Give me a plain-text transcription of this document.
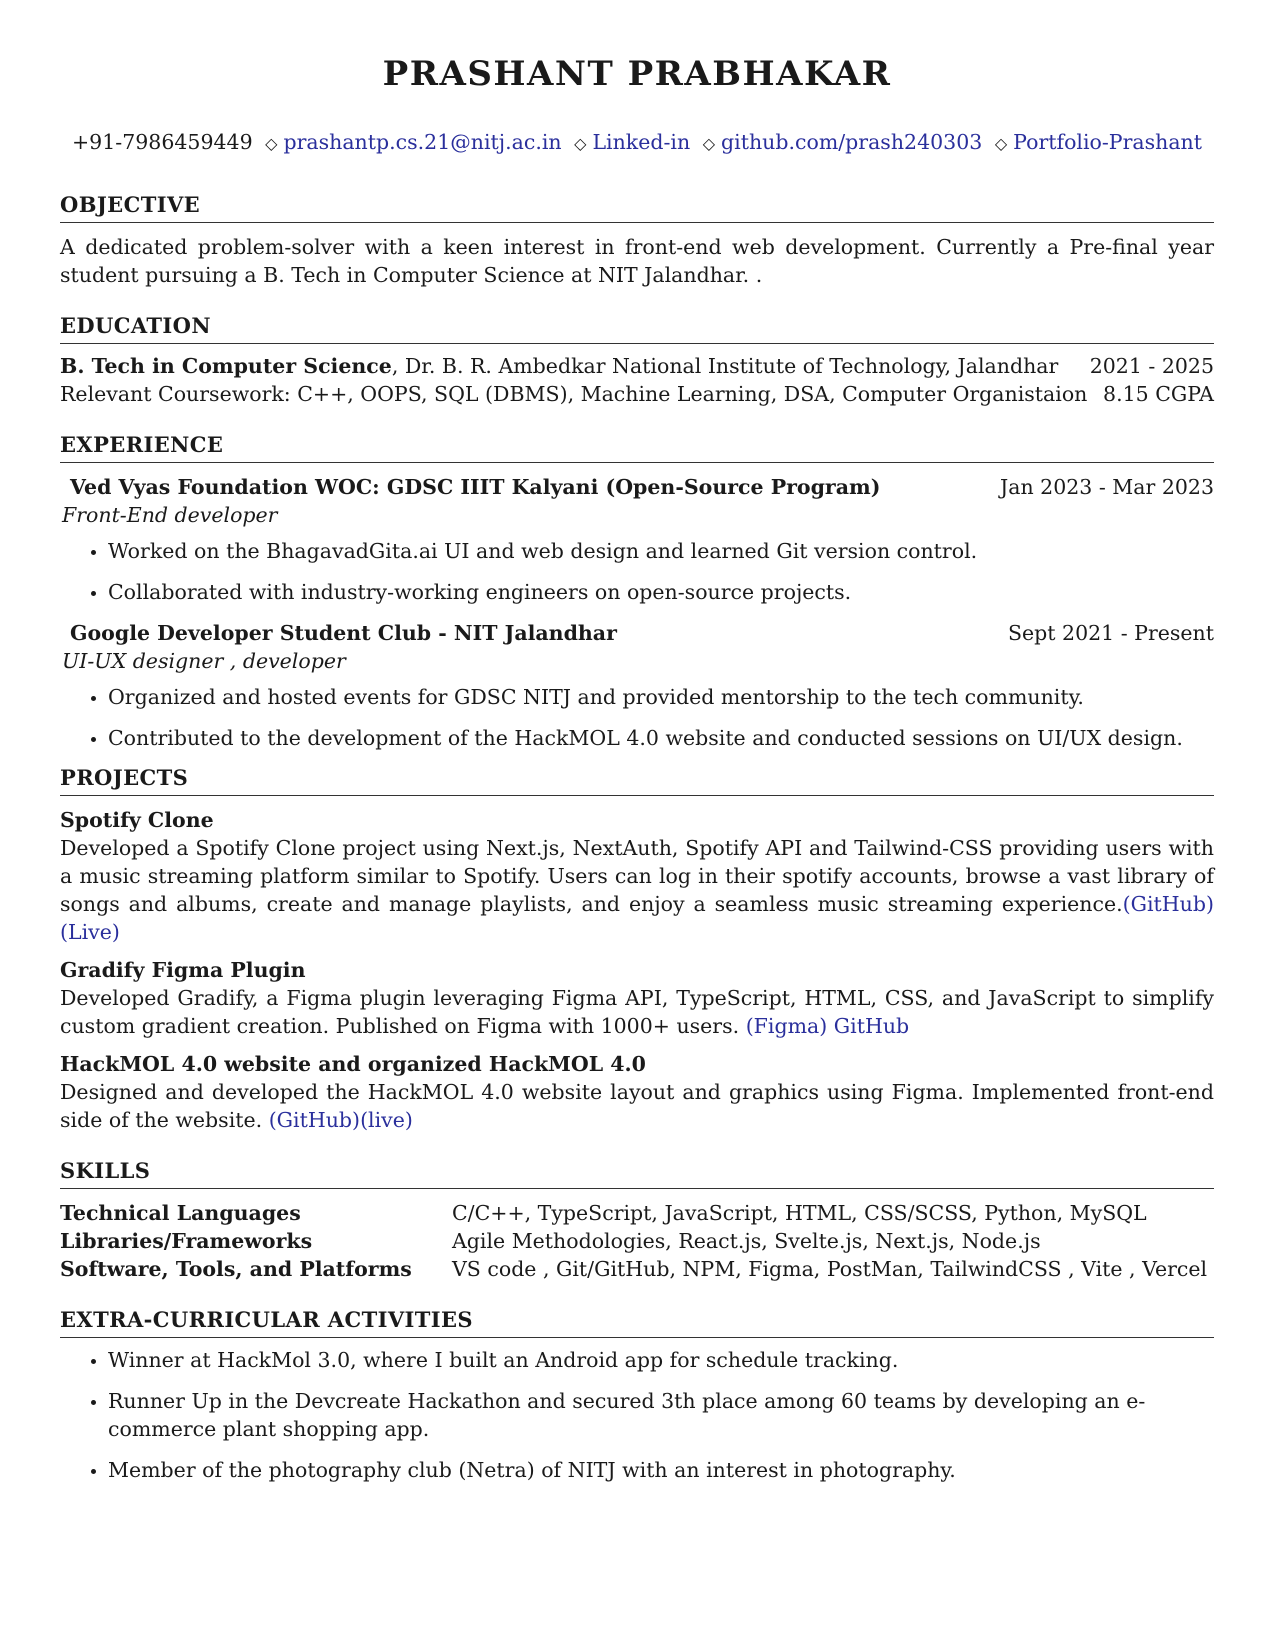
PRASHANT PRABHAKAR
+91-7986459449 ◇ prashantp.cs.21@nitj.ac.in ◇ Linked-in ◇ github.com/prash240303 ◇ Portfolio-Prashant
OBJECTIVE
A dedicated problem-solver with a keen interest in front-end web development. Currently a Pre-final year student pursuing a B. Tech in Computer Science at NIT Jalandhar. .
EDUCATION
B. Tech in Computer Science, Dr. B. R. Ambedkar National Institute of Technology, Jalandhar 2021 - 2025
Relevant Coursework: C++, OOPS, SQL (DBMS), Machine Learning, DSA, Computer Organistaion 8.15 CGPA
EXPERIENCE
Ved Vyas Foundation WOC: GDSC IIIT Kalyani (Open-Source Program)	Jan 2023 - Mar 2023
Front-End developer
• Worked on the BhagavadGita.ai UI and web design and learned Git version control.
• Collaborated with industry-working engineers on open-source projects.
Google Developer Student Club - NIT Jalandhar	Sept 2021 - Present
UI-UX designer , developer
• Organized and hosted events for GDSC NITJ and provided mentorship to the tech community.
• Contributed to the development of the HackMOL 4.0 website and conducted sessions on UI/UX design.
PROJECTS
Spotify Clone
Developed a Spotify Clone project using Next.js, NextAuth, Spotify API and Tailwind-CSS providing users with a music streaming platform similar to Spotify. Users can log in their spotify accounts, browse a vast library of songs and albums, create and manage playlists, and enjoy a seamless music streaming experience.(GitHub) (Live)
Gradify Figma Plugin
Developed Gradify, a Figma plugin leveraging Figma API, TypeScript, HTML, CSS, and JavaScript to simplify custom gradient creation. Published on Figma with 1000+ users. (Figma) GitHub
HackMOL 4.0 website and organized HackMOL 4.0
Designed and developed the HackMOL 4.0 website layout and graphics using Figma. Implemented front-end side of the website. (GitHub)(live)
SKILLS
Technical Languages	C/C++, TypeScript, JavaScript, HTML, CSS/SCSS, Python, MySQL
Libraries/Frameworks	Agile Methodologies, React.js, Svelte.js, Next.js, Node.js
Software, Tools, and Platforms	VS code , Git/GitHub, NPM, Figma, PostMan, TailwindCSS , Vite , Vercel
EXTRA-CURRICULAR ACTIVITIES
• Winner at HackMol 3.0, where I built an Android app for schedule tracking.
• Runner Up in the Devcreate Hackathon and secured 3th place among 60 teams by developing an e-commerce plant shopping app.
• Member of the photography club (Netra) of NITJ with an interest in photography.
